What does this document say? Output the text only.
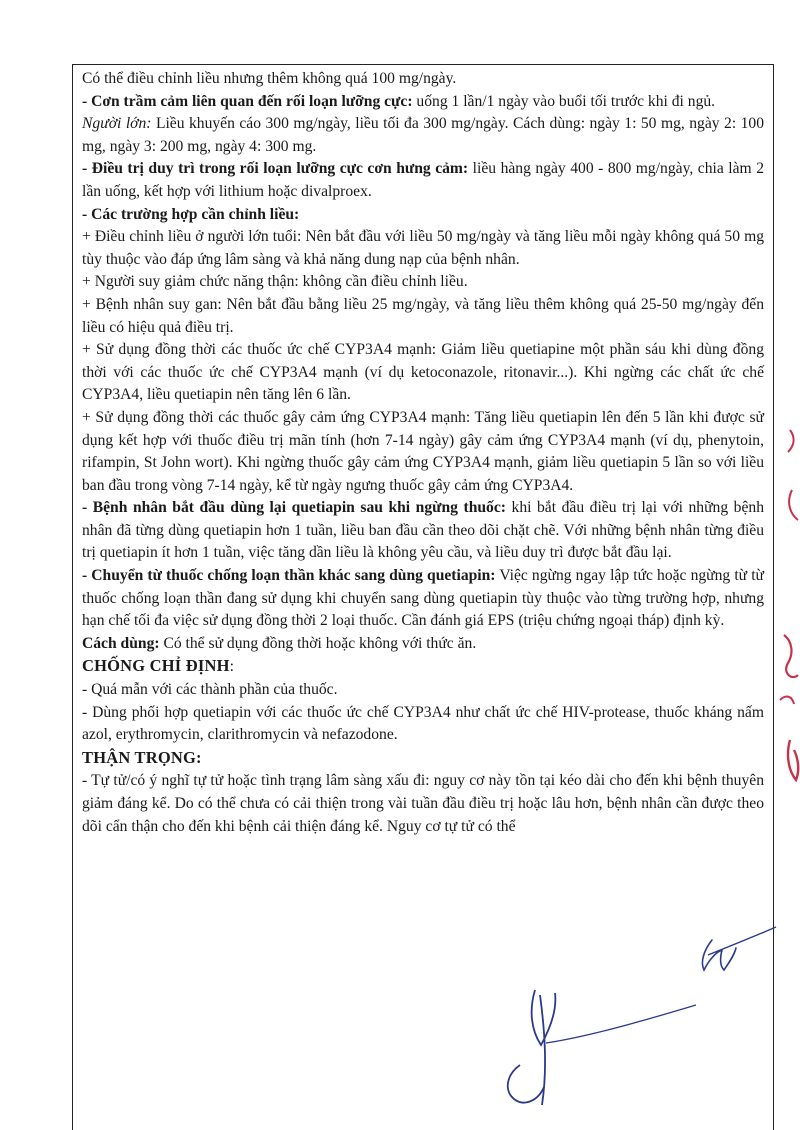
Có thể điều chỉnh liều nhưng thêm không quá 100 mg/ngày.

- Cơn trầm cảm liên quan đến rối loạn lưỡng cực: uống 1 lần/1 ngày vào buổi tối trước khi đi ngủ.

Người lớn: Liều khuyến cáo 300 mg/ngày, liều tối đa 300 mg/ngày. Cách dùng: ngày 1: 50 mg, ngày 2: 100 mg, ngày 3: 200 mg, ngày 4: 300 mg.

- Điều trị duy trì trong rối loạn lưỡng cực cơn hưng cảm: liều hàng ngày 400 - 800 mg/ngày, chia làm 2 lần uống, kết hợp với lithium hoặc divalproex.

- Các trường hợp cần chỉnh liều:

+ Điều chỉnh liều ở người lớn tuổi: Nên bắt đầu với liều 50 mg/ngày và tăng liều mỗi ngày không quá 50 mg tùy thuộc vào đáp ứng lâm sàng và khả năng dung nạp của bệnh nhân.

+ Người suy giảm chức năng thận: không cần điều chỉnh liều.

+ Bệnh nhân suy gan: Nên bắt đầu bằng liều 25 mg/ngày, và tăng liều thêm không quá 25-50 mg/ngày đến liều có hiệu quả điều trị.

+ Sử dụng đồng thời các thuốc ức chế CYP3A4 mạnh: Giảm liều quetiapine một phần sáu khi dùng đồng thời với các thuốc ức chế CYP3A4 mạnh (ví dụ ketoconazole, ritonavir...). Khi ngừng các chất ức chế CYP3A4, liều quetiapin nên tăng lên 6 lần.

+ Sử dụng đồng thời các thuốc gây cảm ứng CYP3A4 mạnh: Tăng liều quetiapin lên đến 5 lần khi được sử dụng kết hợp với thuốc điều trị mãn tính (hơn 7-14 ngày) gây cảm ứng CYP3A4 mạnh (ví dụ, phenytoin, rifampin, St John wort). Khi ngừng thuốc gây cảm ứng CYP3A4 mạnh, giảm liều quetiapin 5 lần so với liều ban đầu trong vòng 7-14 ngày, kể từ ngày ngưng thuốc gây cảm ứng CYP3A4.

- Bệnh nhân bắt đầu dùng lại quetiapin sau khi ngừng thuốc: khi bắt đầu điều trị lại với những bệnh nhân đã từng dùng quetiapin hơn 1 tuần, liều ban đầu cần theo dõi chặt chẽ. Với những bệnh nhân từng điều trị quetiapin ít hơn 1 tuần, việc tăng dần liều là không yêu cầu, và liều duy trì được bắt đầu lại.

- Chuyển từ thuốc chống loạn thần khác sang dùng quetiapin: Việc ngừng ngay lập tức hoặc ngừng từ từ thuốc chống loạn thần đang sử dụng khi chuyển sang dùng quetiapin tùy thuộc vào từng trường hợp, nhưng hạn chế tối đa việc sử dụng đồng thời 2 loại thuốc. Cần đánh giá EPS (triệu chứng ngoại tháp) định kỳ.

Cách dùng: Có thể sử dụng đồng thời hoặc không với thức ăn.

CHỐNG CHỈ ĐỊNH:

- Quá mẫn với các thành phần của thuốc.

- Dùng phối hợp quetiapin với các thuốc ức chế CYP3A4 như chất ức chế HIV-protease, thuốc kháng nấm azol, erythromycin, clarithromycin và nefazodone.

THẬN TRỌNG:

- Tự tử/có ý nghĩ tự tử hoặc tình trạng lâm sàng xấu đi: nguy cơ này tồn tại kéo dài cho đến khi bệnh thuyên giảm đáng kể. Do có thể chưa có cải thiện trong vài tuần đầu điều trị hoặc lâu hơn, bệnh nhân cần được theo dõi cẩn thận cho đến khi bệnh cải thiện đáng kể. Nguy cơ tự tử có thể
